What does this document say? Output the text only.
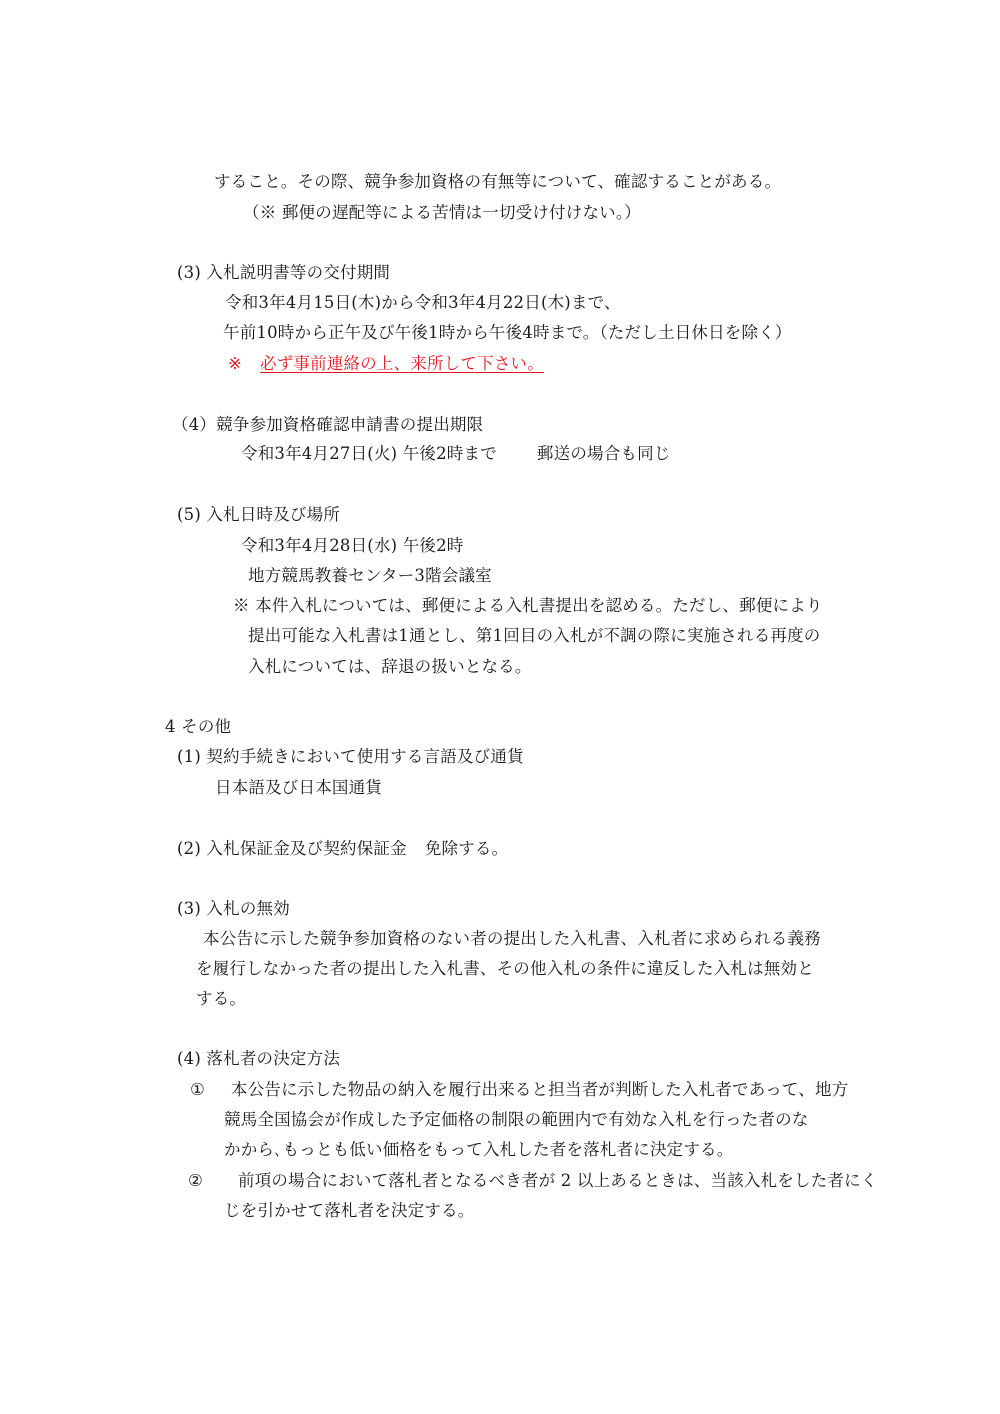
すること。その際、競争参加資格の有無等について、確認することがある。
（※ 郵便の遅配等による苦情は一切受け付けない。）
(3) 入札説明書等の交付期間
令和3年4月15日(木)から令和3年4月22日(木)まで、
午前10時から正午及び午後1時から午後4時まで。（ただし土日休日を除く）
※ 必ず事前連絡の上、来所して下さい。
（4）競争参加資格確認申請書の提出期限
令和3年4月27日(火) 午後2時まで 郵送の場合も同じ
(5) 入札日時及び場所
令和3年4月28日(水) 午後2時
地方競馬教養センター3階会議室
※ 本件入札については、郵便による入札書提出を認める。ただし、郵便により
提出可能な入札書は1通とし、第1回目の入札が不調の際に実施される再度の
入札については、辞退の扱いとなる。
4 その他
(1) 契約手続きにおいて使用する言語及び通貨
日本語及び日本国通貨
(2) 入札保証金及び契約保証金 免除する。
(3) 入札の無効
本公告に示した競争参加資格のない者の提出した入札書、入札者に求められる義務
を履行しなかった者の提出した入札書、その他入札の条件に違反した入札は無効と
する。
(4) 落札者の決定方法
① 本公告に示した物品の納入を履行出来ると担当者が判断した入札者であって、地方
競馬全国協会が作成した予定価格の制限の範囲内で有効な入札を行った者のな
かから､もっとも低い価格をもって入札した者を落札者に決定する。
② 前項の場合において落札者となるべき者が 2 以上あるときは、当該入札をした者にく
じを引かせて落札者を決定する。
